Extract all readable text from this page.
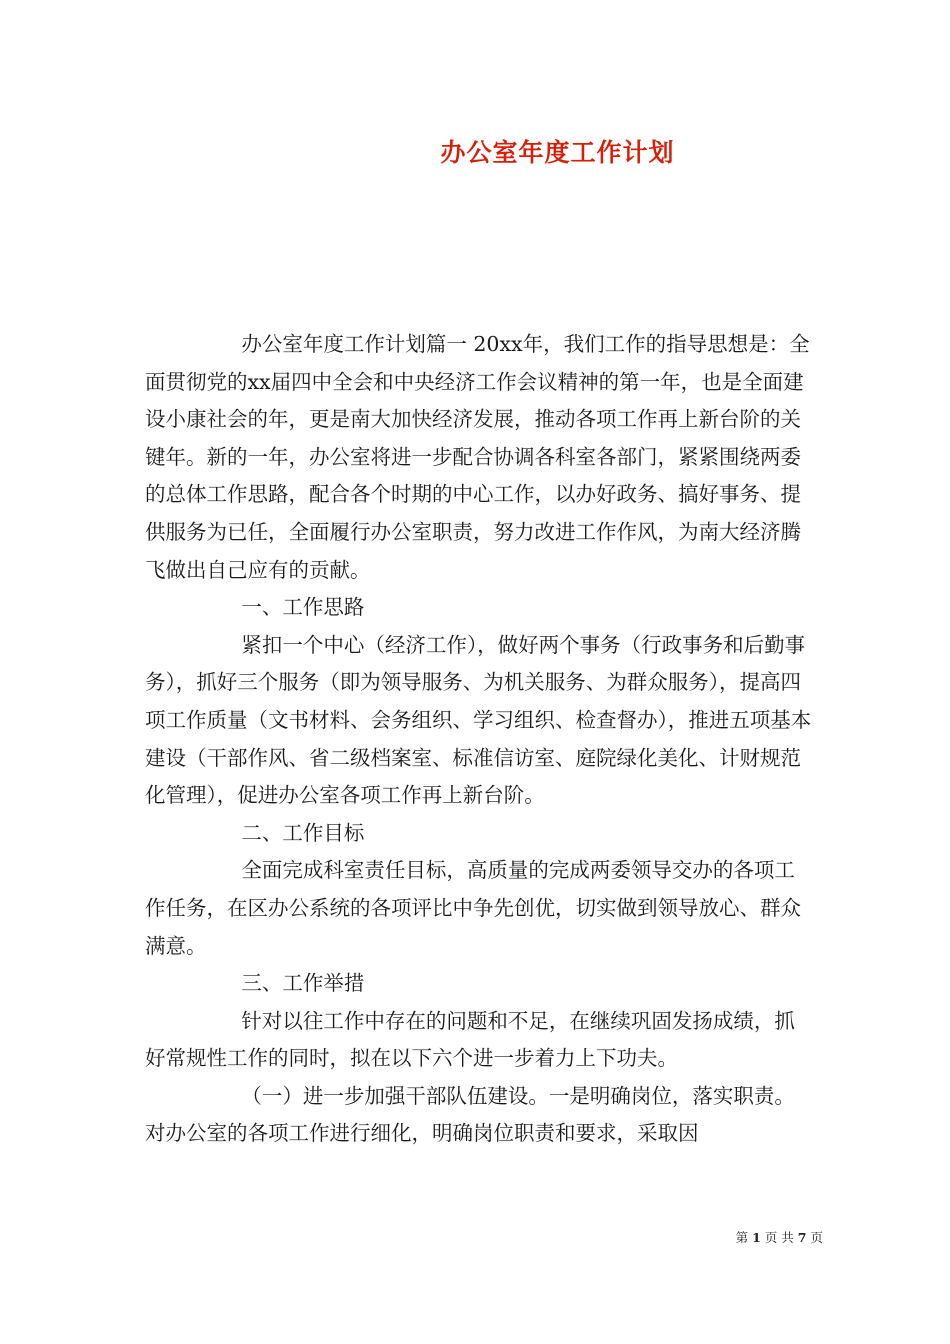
办公室年度工作计划

办公室年度工作计划篇一 20xx年，我们工作的指导思想是：全面贯彻党的xx届四中全会和中央经济工作会议精神的第一年，也是全面建设小康社会的年，更是南大加快经济发展，推动各项工作再上新台阶的关键年。新的一年，办公室将进一步配合协调各科室各部门，紧紧围绕两委的总体工作思路，配合各个时期的中心工作，以办好政务、搞好事务、提供服务为已任，全面履行办公室职责，努力改进工作作风，为南大经济腾飞做出自己应有的贡献。

一、工作思路

紧扣一个中心（经济工作），做好两个事务（行政事务和后勤事务），抓好三个服务（即为领导服务、为机关服务、为群众服务），提高四项工作质量（文书材料、会务组织、学习组织、检查督办），推进五项基本建设（干部作风、省二级档案室、标准信访室、庭院绿化美化、计财规范化管理），促进办公室各项工作再上新台阶。

二、工作目标

全面完成科室责任目标，高质量的完成两委领导交办的各项工作任务，在区办公系统的各项评比中争先创优，切实做到领导放心、群众满意。

三、工作举措

针对以往工作中存在的问题和不足，在继续巩固发扬成绩，抓好常规性工作的同时，拟在以下六个进一步着力上下功夫。

（一）进一步加强干部队伍建设。一是明确岗位，落实职责。对办公室的各项工作进行细化，明确岗位职责和要求，采取因

第 1 页 共 7 页
